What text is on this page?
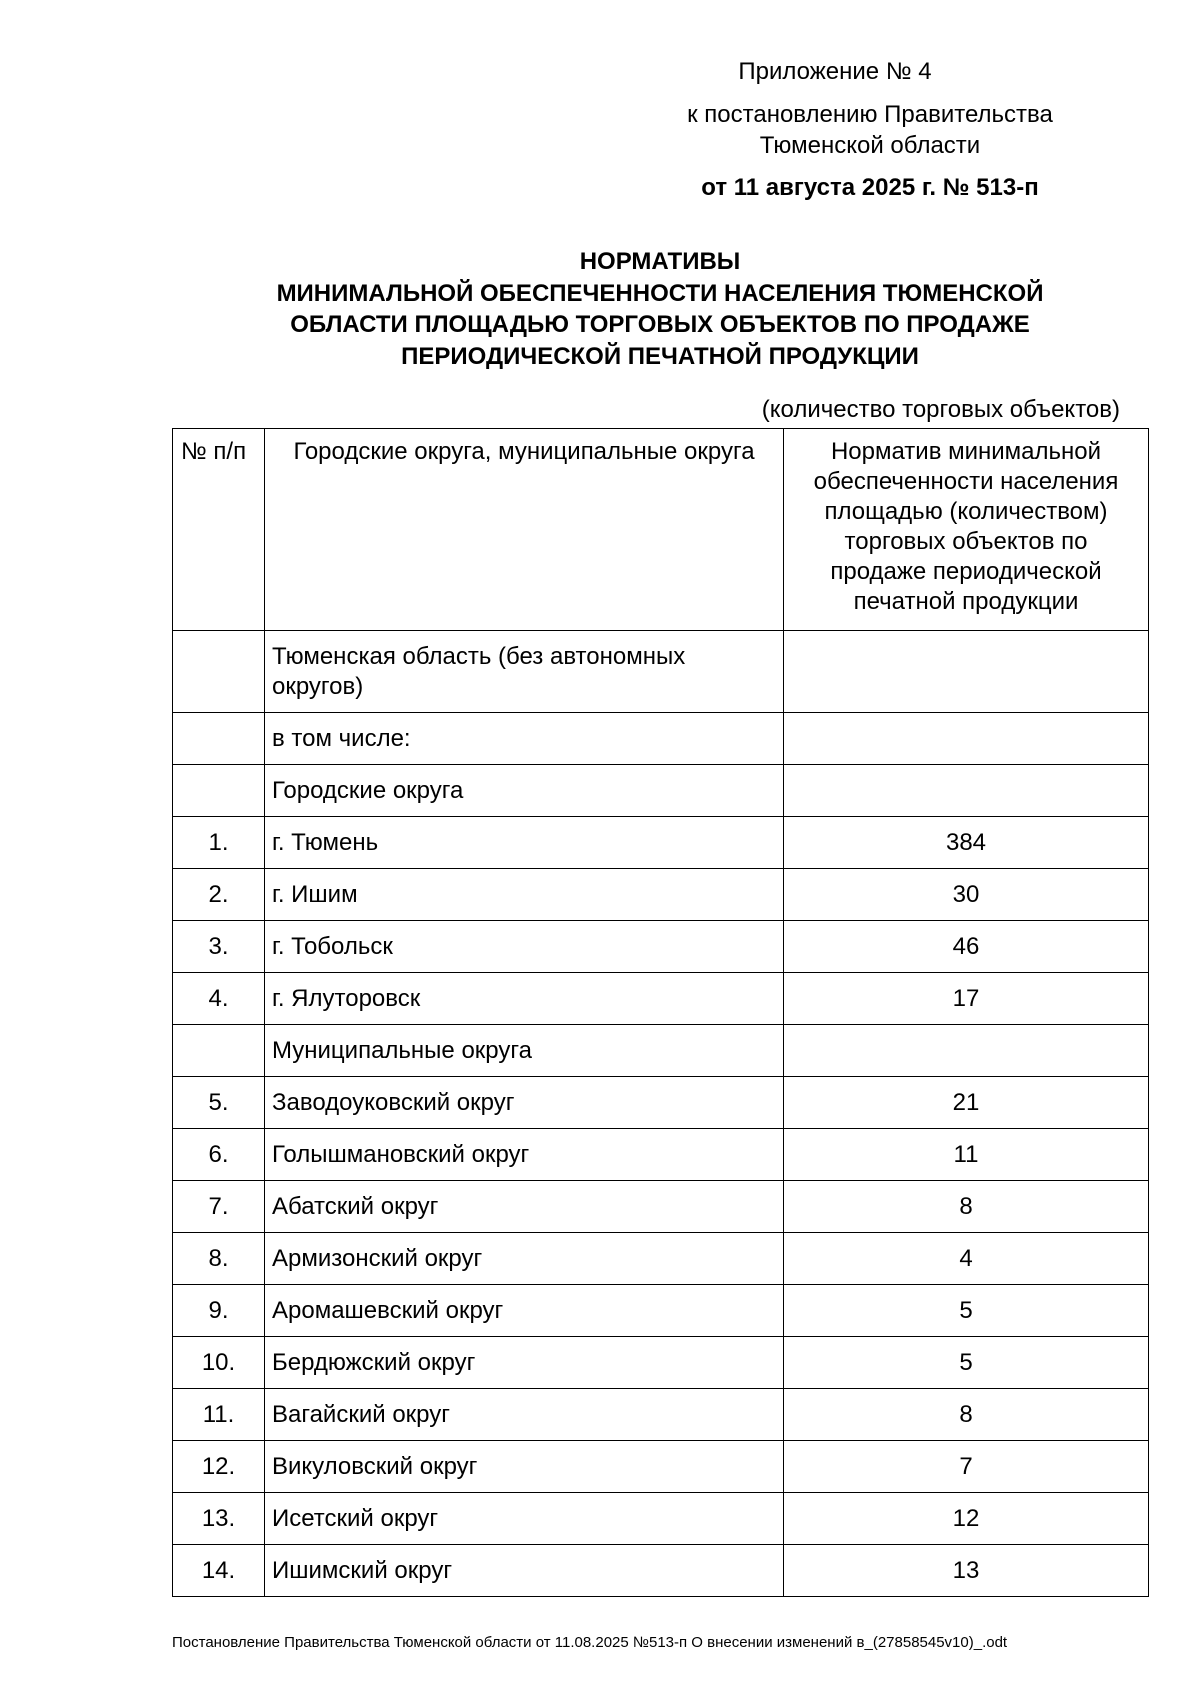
Приложение № 4
к постановлению Правительства
Тюменской области
от 11 августа 2025 г. № 513-п
НОРМАТИВЫ
МИНИМАЛЬНОЙ ОБЕСПЕЧЕННОСТИ НАСЕЛЕНИЯ ТЮМЕНСКОЙ
ОБЛАСТИ ПЛОЩАДЬЮ ТОРГОВЫХ ОБЪЕКТОВ ПО ПРОДАЖЕ
ПЕРИОДИЧЕСКОЙ ПЕЧАТНОЙ ПРОДУКЦИИ
(количество торговых объектов)
№ п/п	Городские округа, муниципальные округа	Норматив минимальной обеспеченности населения площадью (количеством) торговых объектов по продаже периодической печатной продукции
	Тюменская область (без автономных округов)	
	в том числе:	
	Городские округа	
1.	г. Тюмень	384
2.	г. Ишим	30
3.	г. Тобольск	46
4.	г. Ялуторовск	17
	Муниципальные округа	
5.	Заводоуковский округ	21
6.	Голышмановский округ	11
7.	Абатский округ	8
8.	Армизонский округ	4
9.	Аромашевский округ	5
10.	Бердюжский округ	5
11.	Вагайский округ	8
12.	Викуловский округ	7
13.	Исетский округ	12
14.	Ишимский округ	13
Постановление Правительства Тюменской области от 11.08.2025 №513-п О внесении изменений в_(27858545v10)_.odt
